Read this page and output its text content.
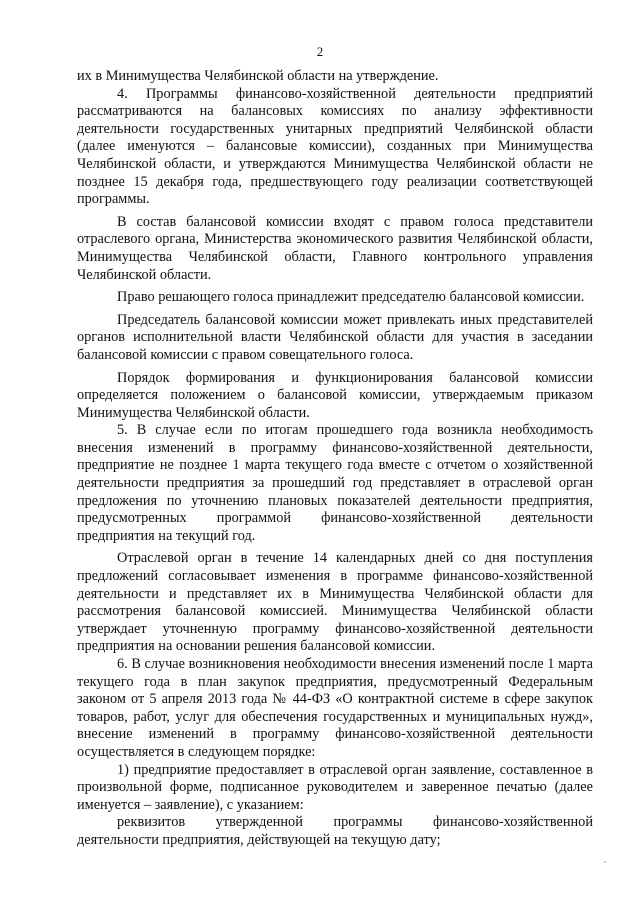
2

их в Минимущества Челябинской области на утверждение.

4. Программы финансово-хозяйственной деятельности предприятий рассматриваются на балансовых комиссиях по анализу эффективности деятельности государственных унитарных предприятий Челябинской области (далее именуются – балансовые комиссии), созданных при Минимущества Челябинской области, и утверждаются Минимущества Челябинской области не позднее 15 декабря года, предшествующего году реализации соответствующей программы.

В состав балансовой комиссии входят с правом голоса представители отраслевого органа, Министерства экономического развития Челябинской области, Минимущества Челябинской области, Главного контрольного управления Челябинской области.

Право решающего голоса принадлежит председателю балансовой комиссии.

Председатель балансовой комиссии может привлекать иных представителей органов исполнительной власти Челябинской области для участия в заседании балансовой комиссии с правом совещательного голоса.

Порядок формирования и функционирования балансовой комиссии определяется положением о балансовой комиссии, утверждаемым приказом Минимущества Челябинской области.

5. В случае если по итогам прошедшего года возникла необходимость внесения изменений в программу финансово-хозяйственной деятельности, предприятие не позднее 1 марта текущего года вместе с отчетом о хозяйственной деятельности предприятия за прошедший год представляет в отраслевой орган предложения по уточнению плановых показателей деятельности предприятия, предусмотренных программой финансово-хозяйственной деятельности предприятия на текущий год.

Отраслевой орган в течение 14 календарных дней со дня поступления предложений согласовывает изменения в программе финансово-хозяйственной деятельности и представляет их в Минимущества Челябинской области для рассмотрения балансовой комиссией. Минимущества Челябинской области утверждает уточненную программу финансово-хозяйственной деятельности предприятия на основании решения балансовой комиссии.

6. В случае возникновения необходимости внесения изменений после 1 марта текущего года в план закупок предприятия, предусмотренный Федеральным законом от 5 апреля 2013 года № 44-ФЗ «О контрактной системе в сфере закупок товаров, работ, услуг для обеспечения государственных и муниципальных нужд», внесение изменений в программу финансово-хозяйственной деятельности осуществляется в следующем порядке:

1) предприятие предоставляет в отраслевой орган заявление, составленное в произвольной форме, подписанное руководителем и заверенное печатью (далее именуется – заявление), с указанием:

реквизитов утвержденной программы финансово-хозяйственной

деятельности предприятия, действующей на текущую дату;
